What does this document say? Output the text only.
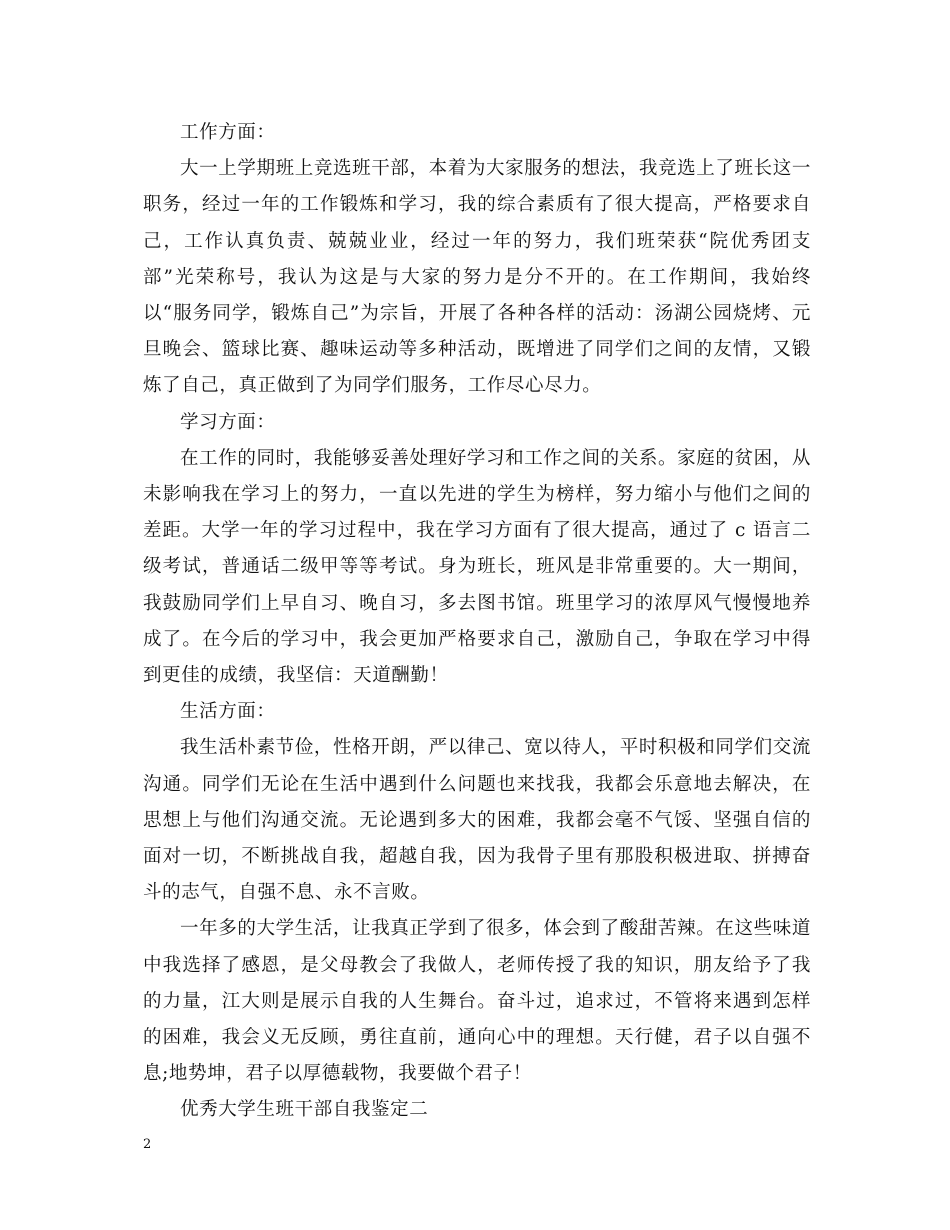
工作方面：

大一上学期班上竞选班干部，本着为大家服务的想法，我竞选上了班长这一职务，经过一年的工作锻炼和学习，我的综合素质有了很大提高，严格要求自己，工作认真负责、兢兢业业，经过一年的努力，我们班荣获“院优秀团支部”光荣称号，我认为这是与大家的努力是分不开的。在工作期间，我始终以“服务同学，锻炼自己”为宗旨，开展了各种各样的活动：汤湖公园烧烤、元旦晚会、篮球比赛、趣味运动等多种活动，既增进了同学们之间的友情，又锻炼了自己，真正做到了为同学们服务，工作尽心尽力。

学习方面：

在工作的同时，我能够妥善处理好学习和工作之间的关系。家庭的贫困，从未影响我在学习上的努力，一直以先进的学生为榜样，努力缩小与他们之间的差距。大学一年的学习过程中，我在学习方面有了很大提高，通过了 c 语言二级考试，普通话二级甲等等考试。身为班长，班风是非常重要的。大一期间，我鼓励同学们上早自习、晚自习，多去图书馆。班里学习的浓厚风气慢慢地养成了。在今后的学习中，我会更加严格要求自己，激励自己，争取在学习中得到更佳的成绩，我坚信：天道酬勤！

生活方面：

我生活朴素节俭，性格开朗，严以律己、宽以待人，平时积极和同学们交流沟通。同学们无论在生活中遇到什么问题也来找我，我都会乐意地去解决，在思想上与他们沟通交流。无论遇到多大的困难，我都会毫不气馁、坚强自信的面对一切，不断挑战自我，超越自我，因为我骨子里有那股积极进取、拼搏奋斗的志气，自强不息、永不言败。

一年多的大学生活，让我真正学到了很多，体会到了酸甜苦辣。在这些味道中我选择了感恩，是父母教会了我做人，老师传授了我的知识，朋友给予了我的力量，江大则是展示自我的人生舞台。奋斗过，追求过，不管将来遇到怎样的困难，我会义无反顾，勇往直前，通向心中的理想。天行健，君子以自强不息;地势坤，君子以厚德载物，我要做个君子！

优秀大学生班干部自我鉴定二

2
